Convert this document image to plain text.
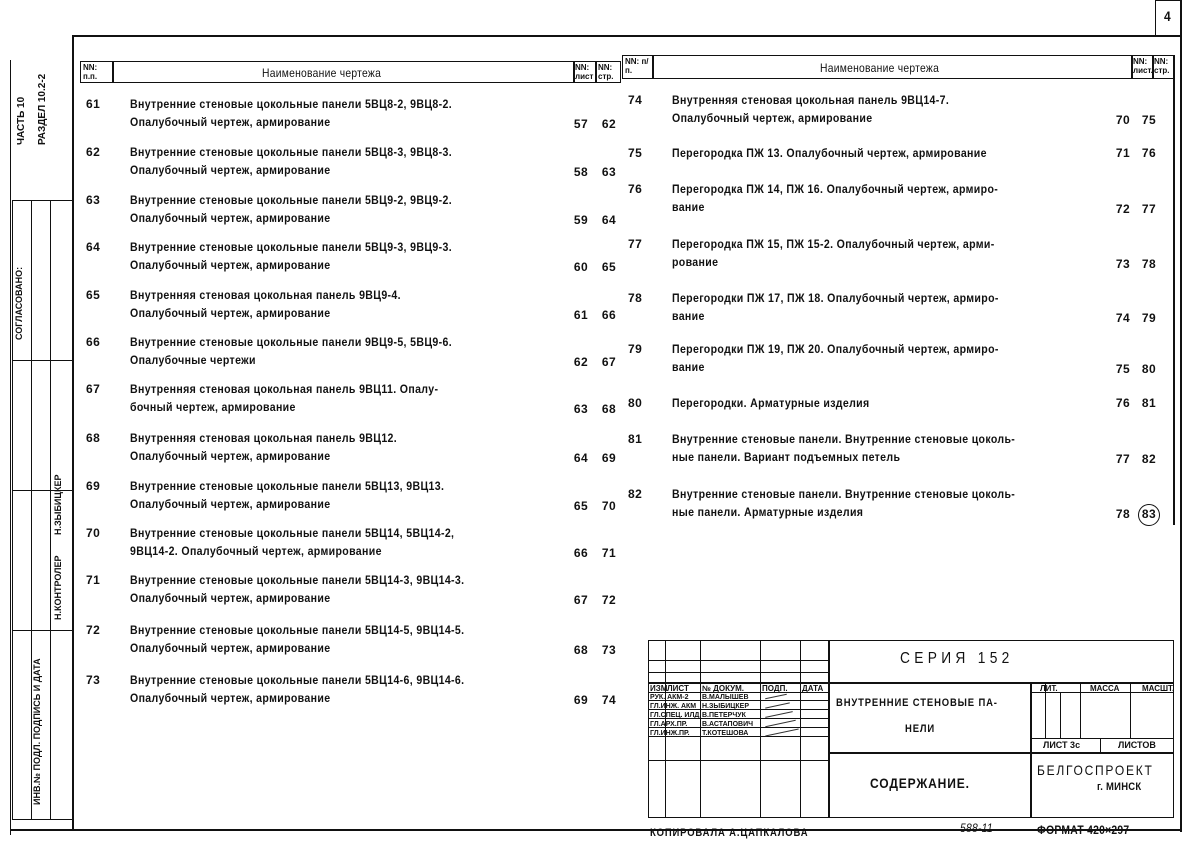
4
ЧАСТЬ 10 РАЗДЕЛ 10.2-2
СОГЛАСОВАНО:
Н.КОНТРОЛЕР
Н.ЗЫБИЦКЕР
ИНВ.№ ПОДЛ. ПОДПИСЬ И ДАТА
NN: п.п.	Наименование чертежа	NN: лист
NN: стр.
NN: п/п.	Наименование чертежа	NN: лист.
NN: стр.
61	Внутренние стеновые цокольные панели 5ВЦ8-2, 9ВЦ8-2.
Опалубочный чертеж, армирование	57	62
62	Внутренние стеновые цокольные панели 5ВЦ8-3, 9ВЦ8-3.
Опалубочный чертеж, армирование	58	63
63	Внутренние стеновые цокольные панели 5ВЦ9-2, 9ВЦ9-2.
Опалубочный чертеж, армирование	59	64
64	Внутренние стеновые цокольные панели 5ВЦ9-3, 9ВЦ9-3.
Опалубочный чертеж, армирование	60	65
65	Внутренняя стеновая цокольная панель 9ВЦ9-4.
Опалубочный чертеж, армирование	61	66
66	Внутренние стеновые цокольные панели 9ВЦ9-5, 5ВЦ9-6.
Опалубочные чертежи	62	67
67	Внутренняя стеновая цокольная панель 9ВЦ11. Опалу-
бочный чертеж, армирование	63	68
68	Внутренняя стеновая цокольная панель 9ВЦ12.
Опалубочный чертеж, армирование	64	69
69	Внутренние стеновые цокольные панели 5ВЦ13, 9ВЦ13.
Опалубочный чертеж, армирование	65	70
70	Внутренние стеновые цокольные панели 5ВЦ14, 5ВЦ14-2,
9ВЦ14-2. Опалубочный чертеж, армирование	66	71
71	Внутренние стеновые цокольные панели 5ВЦ14-3, 9ВЦ14-3.
Опалубочный чертеж, армирование	67	72
72	Внутренние стеновые цокольные панели 5ВЦ14-5, 9ВЦ14-5.
Опалубочный чертеж, армирование	68	73
73	Внутренние стеновые цокольные панели 5ВЦ14-6, 9ВЦ14-6.
Опалубочный чертеж, армирование	69	74
74	Внутренняя стеновая цокольная панель 9ВЦ14-7.
Опалубочный чертеж, армирование	70 75
75	Перегородка ПЖ 13. Опалубочный чертеж, армирование	71 76
76	Перегородка ПЖ 14, ПЖ 16. Опалубочный чертеж, армиро-
вание	72 77
77	Перегородка ПЖ 15, ПЖ 15-2. Опалубочный чертеж, арми-
рование	73 78
78	Перегородки ПЖ 17, ПЖ 18. Опалубочный чертеж, армиро-
вание	74 79
79	Перегородки ПЖ 19, ПЖ 20. Опалубочный чертеж, армиро-
вание	75 80
80	Перегородки. Арматурные изделия	76 81
81	Внутренние стеновые панели. Внутренние стеновые цоколь-
ные панели. Вариант подъемных петель	77 82
82	Внутренние стеновые панели. Внутренние стеновые цоколь-
ные панели. Арматурные изделия	78 83
ИЗМ ЛИСТ № ДОКУМ. ПОДП. ДАТА
РУК. АКМ-2 В.МАЛЫШЕВ
ГЛ.ИНЖ. АКМ Н.ЗЫБИЦКЕР
ГЛ.СПЕЦ. ИЛД В.ПЕТЕРЧУК
ГЛ.АРХ.ПР. В.АСТАПОВИЧ
ГЛ.ИНЖ.ПР. Т.КОТЕШОВА
СЕРИЯ 152
ВНУТРЕННИЕ СТЕНОВЫЕ ПА-
НЕЛИ
СОДЕРЖАНИЕ.
ЛИТ.	МАССА	МАСШТ.
ЛИСТ 3с	ЛИСТОВ
БЕЛГОСПРОЕКТ
г. МИНСК
КОПИРОВАЛА А.ЦАПКАЛОВА	588-11	ФОРМАТ 420×297
